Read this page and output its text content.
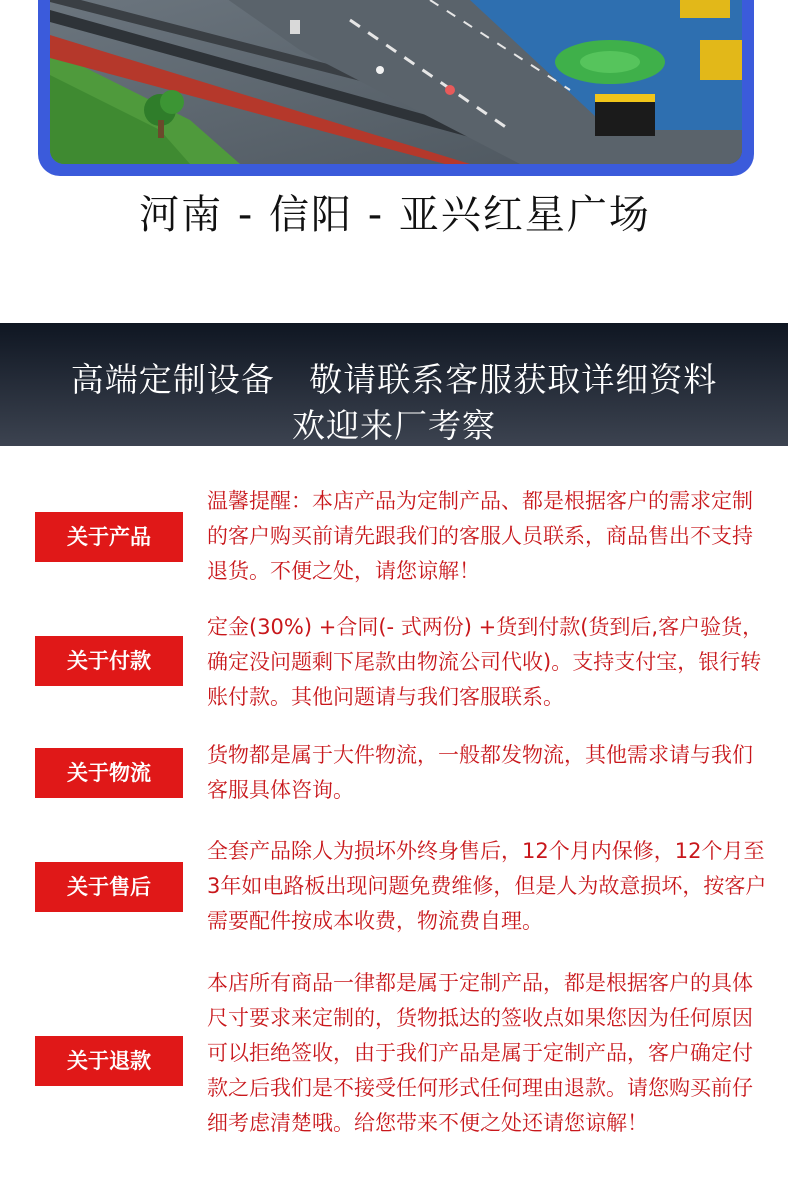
河南 - 信阳 - 亚兴红星广场
高端定制设备   敬请联系客服获取详细资料
欢迎来厂考察
关于产品
温馨提醒：本店产品为定制产品、都是根据客户的需求定制的客户购买前请先跟我们的客服人员联系，商品售出不支持退货。不便之处，请您谅解！
关于付款
定金(30%) +合同(- 式两份) +货到付款(货到后,客户验货，确定没问题剩下尾款由物流公司代收)。支持支付宝，银行转账付款。其他问题请与我们客服联系。
关于物流
货物都是属于大件物流，一般都发物流，其他需求请与我们客服具体咨询。
关于售后
全套产品除人为损坏外终身售后，12个月内保修，12个月至3年如电路板出现问题免费维修，但是人为故意损坏，按客户需要配件按成本收费，物流费自理。
关于退款
本店所有商品一律都是属于定制产品，都是根据客户的具体尺寸要求来定制的，货物抵达的签收点如果您因为任何原因可以拒绝签收，由于我们产品是属于定制产品，客户确定付款之后我们是不接受任何形式任何理由退款。请您购买前仔细考虑清楚哦。给您带来不便之处还请您谅解！
